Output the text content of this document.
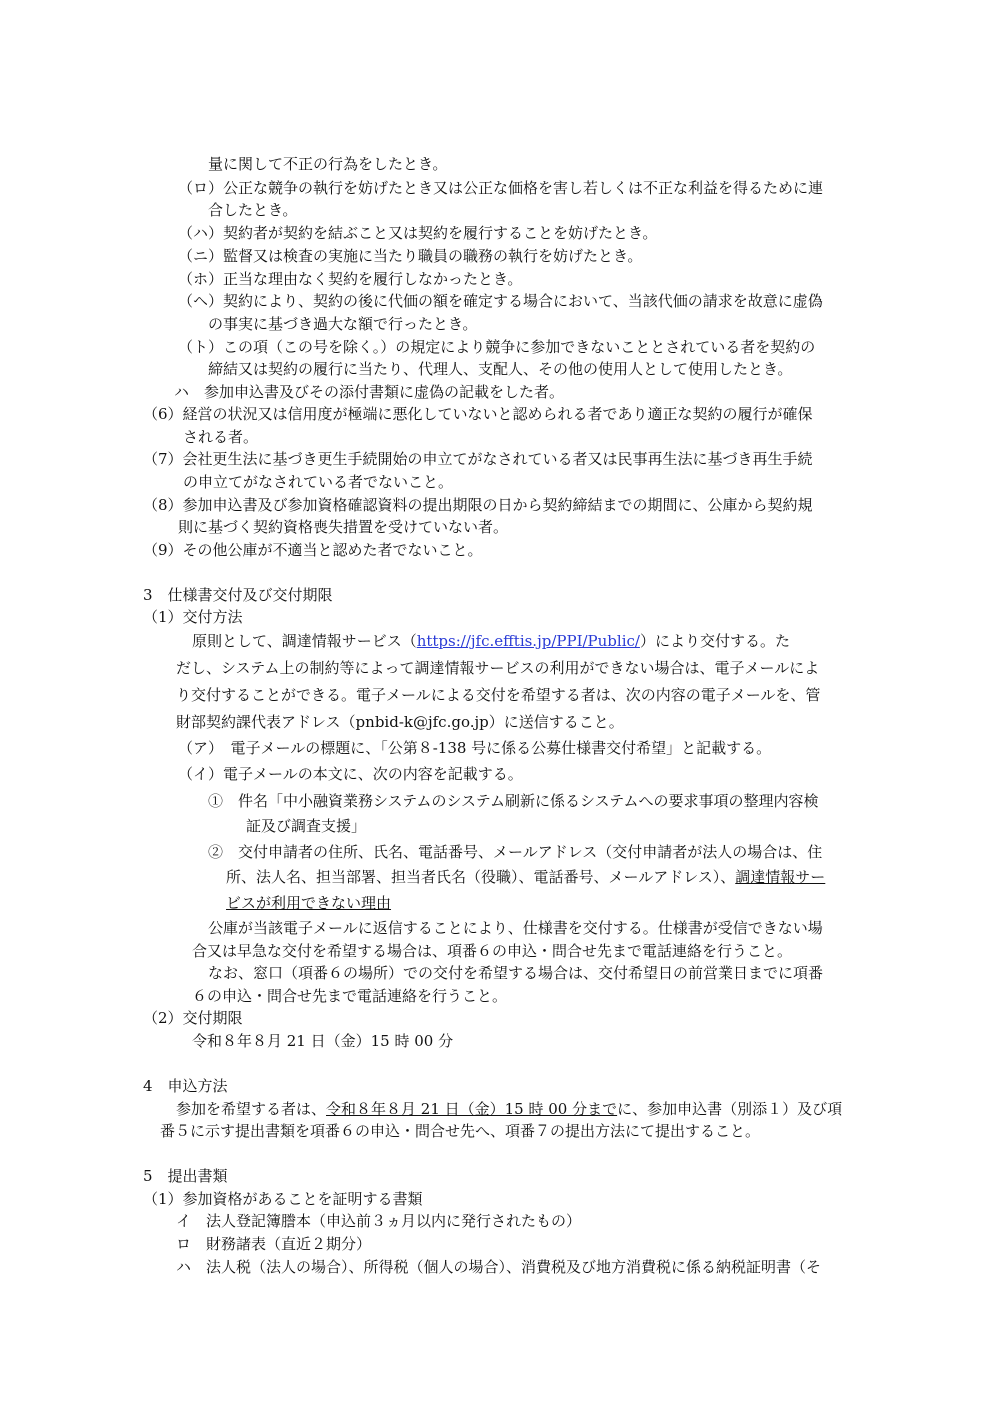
量に関して不正の行為をしたとき。
（ロ）公正な競争の執行を妨げたとき又は公正な価格を害し若しくは不正な利益を得るために連
合したとき。
（ハ）契約者が契約を結ぶこと又は契約を履行することを妨げたとき。
（ニ）監督又は検査の実施に当たり職員の職務の執行を妨げたとき。
（ホ）正当な理由なく契約を履行しなかったとき。
（ヘ）契約により、契約の後に代価の額を確定する場合において、当該代価の請求を故意に虚偽
の事実に基づき過大な額で行ったとき。
（ト）この項（この号を除く。）の規定により競争に参加できないこととされている者を契約の
締結又は契約の履行に当たり、代理人、支配人、その他の使用人として使用したとき。
ハ　参加申込書及びその添付書類に虚偽の記載をした者。
（6）経営の状況又は信用度が極端に悪化していないと認められる者であり適正な契約の履行が確保
される者。
（7）会社更生法に基づき更生手続開始の申立てがなされている者又は民事再生法に基づき再生手続
の申立てがなされている者でないこと。
（8）参加申込書及び参加資格確認資料の提出期限の日から契約締結までの期間に、公庫から契約規
則に基づく契約資格喪失措置を受けていない者。
（9）その他公庫が不適当と認めた者でないこと。
3　仕様書交付及び交付期限
（1）交付方法
原則として、調達情報サービス（https://jfc.efftis.jp/PPI/Public/）により交付する。た
だし、システム上の制約等によって調達情報サービスの利用ができない場合は、電子メールによ
り交付することができる。電子メールによる交付を希望する者は、次の内容の電子メールを、管
財部契約課代表アドレス（pnbid-k@jfc.go.jp）に送信すること。
（ア）　電子メールの標題に、「公第８-138 号に係る公募仕様書交付希望」と記載する。
（イ）電子メールの本文に、次の内容を記載する。
①　件名「中小融資業務システムのシステム刷新に係るシステムへの要求事項の整理内容検
証及び調査支援」
②　交付申請者の住所、氏名、電話番号、メールアドレス（交付申請者が法人の場合は、住
所、法人名、担当部署、担当者氏名（役職）、電話番号、メールアドレス）、調達情報サー
ビスが利用できない理由
公庫が当該電子メールに返信することにより、仕様書を交付する。仕様書が受信できない場
合又は早急な交付を希望する場合は、項番６の申込・問合せ先まで電話連絡を行うこと。
なお、窓口（項番６の場所）での交付を希望する場合は、交付希望日の前営業日までに項番
６の申込・問合せ先まで電話連絡を行うこと。
（2）交付期限
令和８年８月 21 日（金）15 時 00 分
4　申込方法
参加を希望する者は、令和８年８月 21 日（金）15 時 00 分までに、参加申込書（別添１）及び項
番５に示す提出書類を項番６の申込・問合せ先へ、項番７の提出方法にて提出すること。
5　提出書類
（1）参加資格があることを証明する書類
イ　法人登記簿謄本（申込前３ヵ月以内に発行されたもの）
ロ　財務諸表（直近２期分）
ハ　法人税（法人の場合）、所得税（個人の場合）、消費税及び地方消費税に係る納税証明書（そ
